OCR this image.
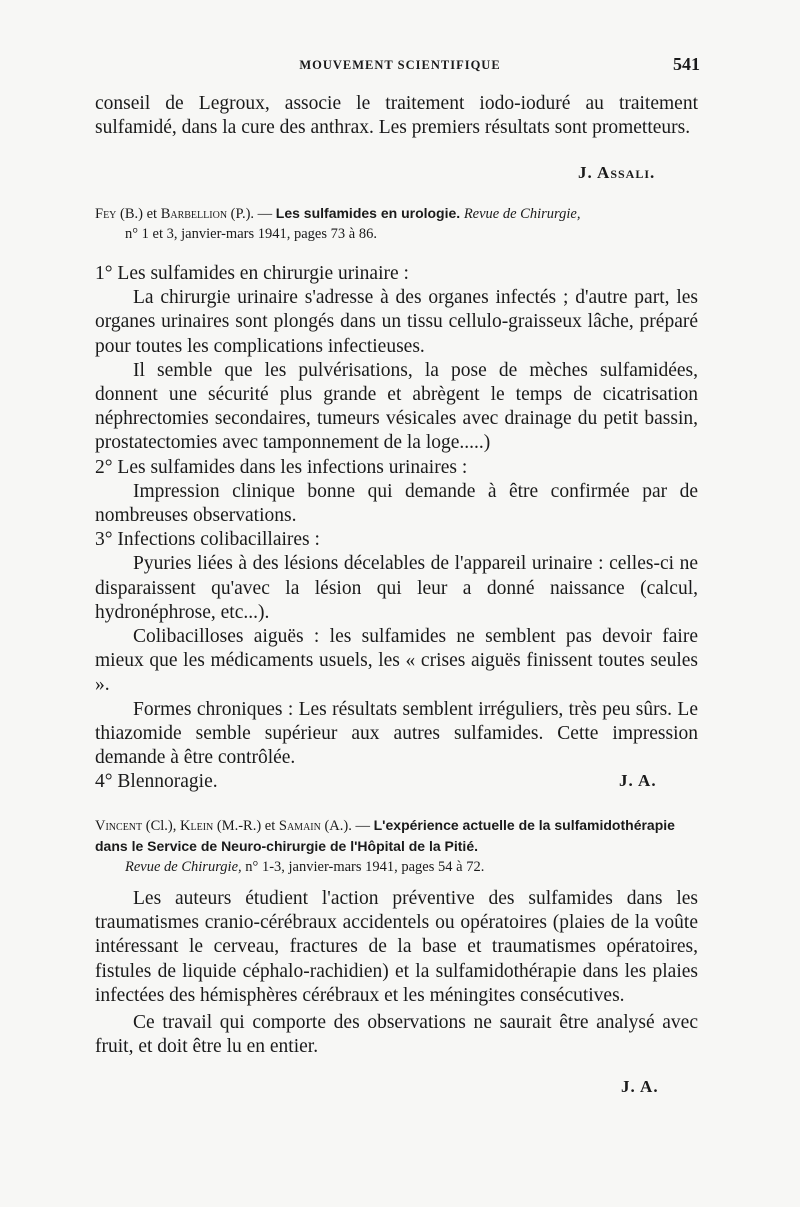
MOUVEMENT SCIENTIFIQUE	541

conseil de Legroux, associe le traitement iodo-ioduré au traitement sulfamidé, dans la cure des anthrax. Les premiers résultats sont prometteurs.

J. Assali.
Fey (B.) et Barbellion (P.). — Les sulfamides en urologie. Revue de Chirurgie,
n° 1 et 3, janvier-mars 1941, pages 73 à 86.

1° Les sulfamides en chirurgie urinaire :

La chirurgie urinaire s'adresse à des organes infectés ; d'autre part, les organes urinaires sont plongés dans un tissu cellulo-graisseux lâche, préparé pour toutes les complications infectieuses.

Il semble que les pulvérisations, la pose de mèches sulfamidées, donnent une sécurité plus grande et abrègent le temps de cicatrisation néphrectomies secondaires, tumeurs vésicales avec drainage du petit bassin, prostatectomies avec tamponnement de la loge.....)

2° Les sulfamides dans les infections urinaires :

Impression clinique bonne qui demande à être confirmée par de nombreuses observations.

3° Infections colibacillaires :

Pyuries liées à des lésions décelables de l'appareil urinaire : celles-ci ne disparaissent qu'avec la lésion qui leur a donné naissance (calcul, hydronéphrose, etc...).

Colibacilloses aiguës : les sulfamides ne semblent pas devoir faire mieux que les médicaments usuels, les « crises aiguës finissent toutes seules ».

Formes chroniques : Les résultats semblent irréguliers, très peu sûrs. Le thiazomide semble supérieur aux autres sulfamides. Cette impression demande à être contrôlée.

4° Blennoragie.	J. A.
Vincent (Cl.), Klein (M.-R.) et Samain (A.). — L'expérience actuelle de la sulfamidothérapie dans le Service de Neuro-chirurgie de l'Hôpital de la Pitié.
Revue de Chirurgie, n° 1-3, janvier-mars 1941, pages 54 à 72.

Les auteurs étudient l'action préventive des sulfamides dans les traumatismes cranio-cérébraux accidentels ou opératoires (plaies de la voûte intéressant le cerveau, fractures de la base et traumatismes opératoires, fistules de liquide céphalo-rachidien) et la sulfamidothérapie dans les plaies infectées des hémisphères cérébraux et les méningites consécutives.

Ce travail qui comporte des observations ne saurait être analysé avec fruit, et doit être lu en entier.

J. A.
